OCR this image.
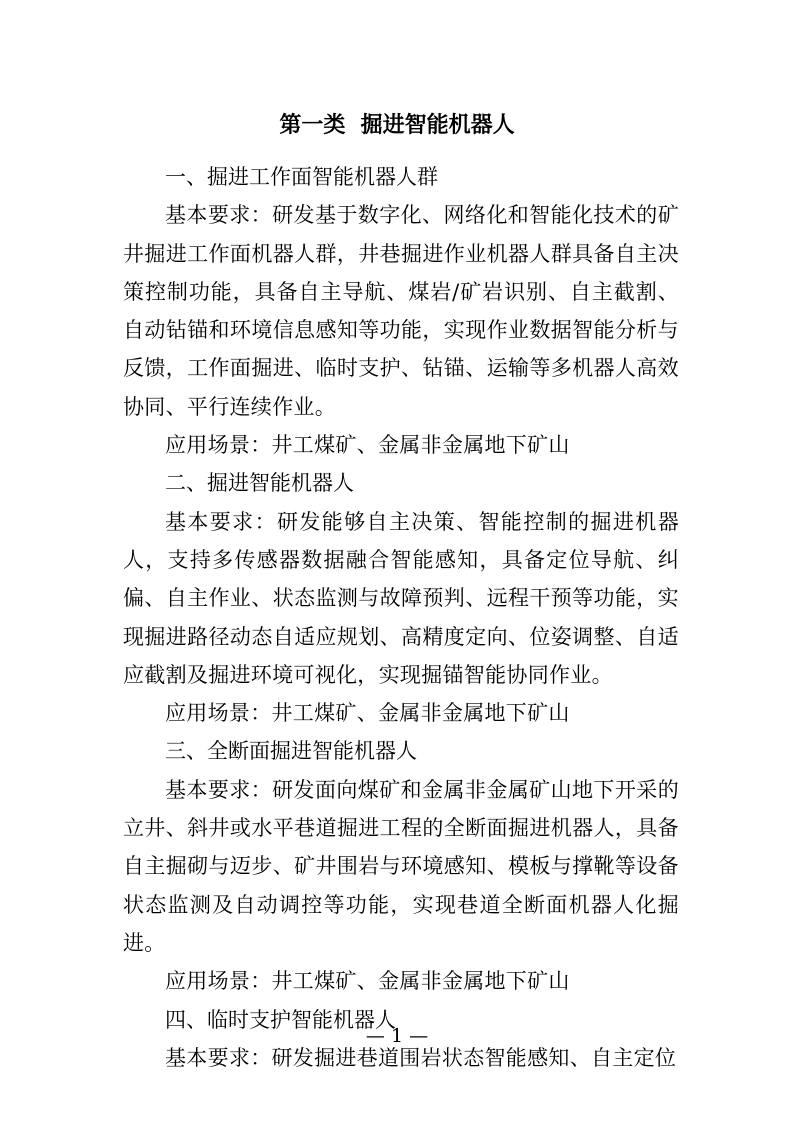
第一类  掘进智能机器人

一、掘进工作面智能机器人群

基本要求：研发基于数字化、网络化和智能化技术的矿井掘进工作面机器人群，井巷掘进作业机器人群具备自主决策控制功能，具备自主导航、煤岩/矿岩识别、自主截割、自动钻锚和环境信息感知等功能，实现作业数据智能分析与反馈，工作面掘进、临时支护、钻锚、运输等多机器人高效协同、平行连续作业。

应用场景：井工煤矿、金属非金属地下矿山

二、掘进智能机器人

基本要求：研发能够自主决策、智能控制的掘进机器人，支持多传感器数据融合智能感知，具备定位导航、纠偏、自主作业、状态监测与故障预判、远程干预等功能，实现掘进路径动态自适应规划、高精度定向、位姿调整、自适应截割及掘进环境可视化，实现掘锚智能协同作业。

应用场景：井工煤矿、金属非金属地下矿山

三、全断面掘进智能机器人

基本要求：研发面向煤矿和金属非金属矿山地下开采的立井、斜井或水平巷道掘进工程的全断面掘进机器人，具备自主掘砌与迈步、矿井围岩与环境感知、模板与撑靴等设备状态监测及自动调控等功能，实现巷道全断面机器人化掘进。

应用场景：井工煤矿、金属非金属地下矿山

四、临时支护智能机器人

基本要求：研发掘进巷道围岩状态智能感知、自主定位

— 1 —
